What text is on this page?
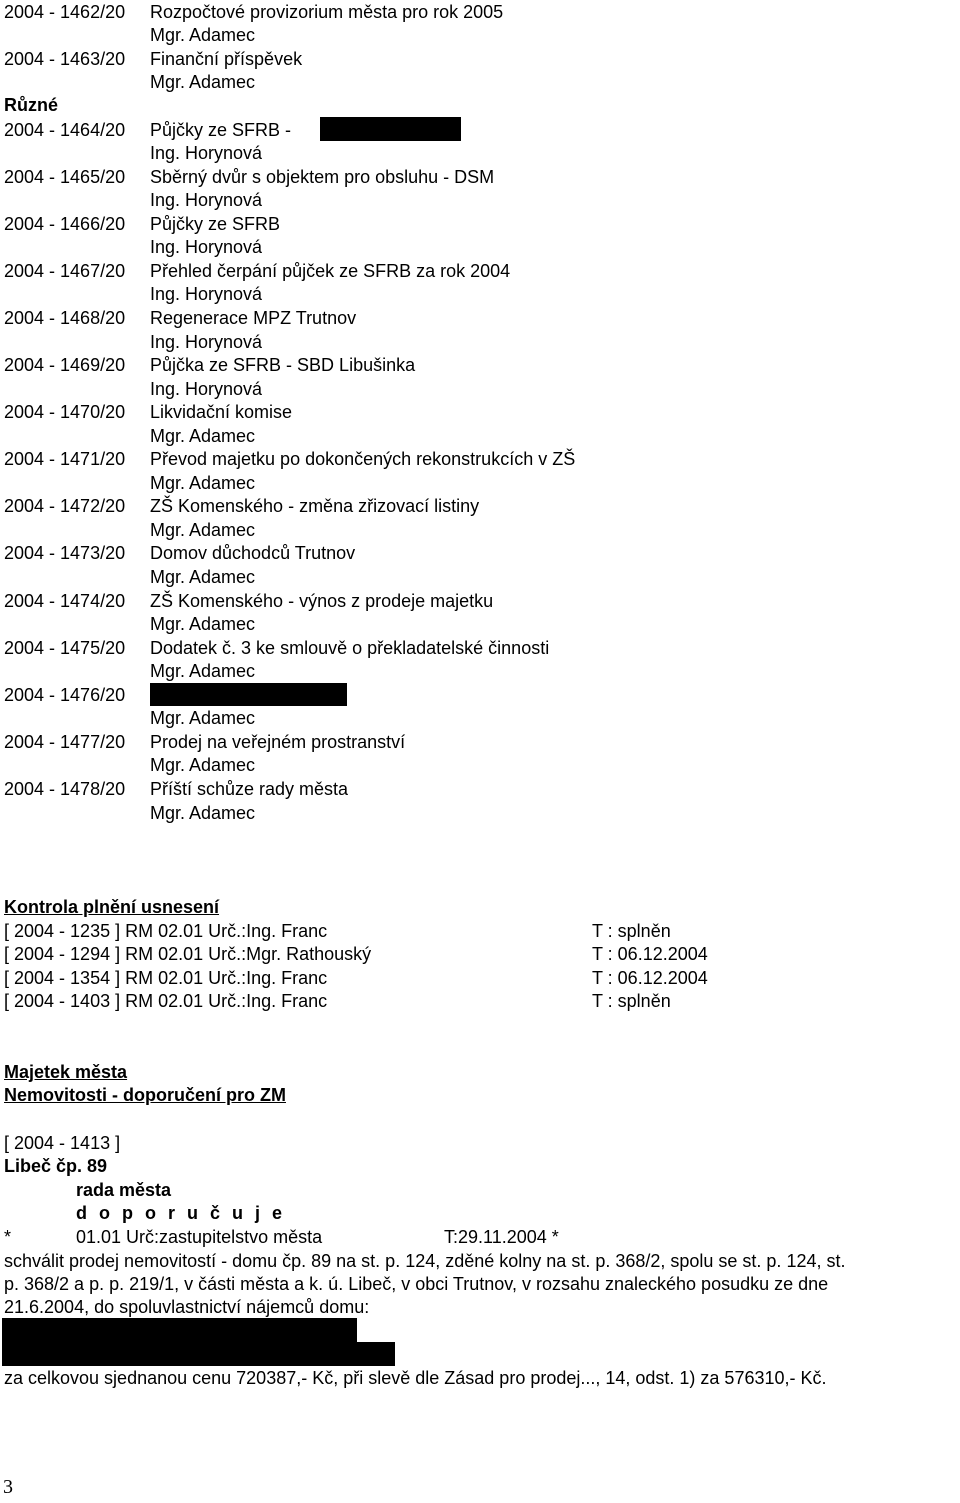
2004 - 1462/20 Rozpočtové provizorium města pro rok 2005
Mgr. Adamec
2004 - 1463/20 Finanční příspěvek
Mgr. Adamec
Různé
2004 - 1464/20 Půjčky ze SFRB -
Ing. Horynová
2004 - 1465/20 Sběrný dvůr s objektem pro obsluhu - DSM
Ing. Horynová
2004 - 1466/20 Půjčky ze SFRB
Ing. Horynová
2004 - 1467/20 Přehled čerpání půjček ze SFRB za rok 2004
Ing. Horynová
2004 - 1468/20 Regenerace MPZ Trutnov
Ing. Horynová
2004 - 1469/20 Půjčka ze SFRB - SBD Libušinka
Ing. Horynová
2004 - 1470/20 Likvidační komise
Mgr. Adamec
2004 - 1471/20 Převod majetku po dokončených rekonstrukcích v ZŠ
Mgr. Adamec
2004 - 1472/20 ZŠ Komenského - změna zřizovací listiny
Mgr. Adamec
2004 - 1473/20 Domov důchodců Trutnov
Mgr. Adamec
2004 - 1474/20 ZŠ Komenského - výnos z prodeje majetku
Mgr. Adamec
2004 - 1475/20 Dodatek č. 3 ke smlouvě o překladatelské činnosti
Mgr. Adamec
2004 - 1476/20
Mgr. Adamec
2004 - 1477/20 Prodej na veřejném prostranství
Mgr. Adamec
2004 - 1478/20 Příští schůze rady města
Mgr. Adamec
Kontrola plnění usnesení
[ 2004 - 1235 ] RM 02.01 Urč.:Ing. Franc	T : splněn
[ 2004 - 1294 ] RM 02.01 Urč.:Mgr. Rathouský	T : 06.12.2004
[ 2004 - 1354 ] RM 02.01 Urč.:Ing. Franc	T : 06.12.2004
[ 2004 - 1403 ] RM 02.01 Urč.:Ing. Franc	T : splněn
Majetek města
Nemovitosti - doporučení pro ZM
[ 2004 - 1413 ]
Libeč čp. 89
rada města
d o p o r u č u j e
*	01.01 Urč:zastupitelstvo města	T:29.11.2004 *
schválit prodej nemovitostí - domu čp. 89 na st. p. 124, zděné kolny na st. p. 368/2, spolu se st. p. 124, st.
p. 368/2 a p. p. 219/1, v části města a k. ú. Libeč, v obci Trutnov, v rozsahu znaleckého posudku ze dne
21.6.2004, do spoluvlastnictví nájemců domu:
za celkovou sjednanou cenu 720387,- Kč, při slevě dle Zásad pro prodej..., 14, odst. 1) za 576310,- Kč.
3
